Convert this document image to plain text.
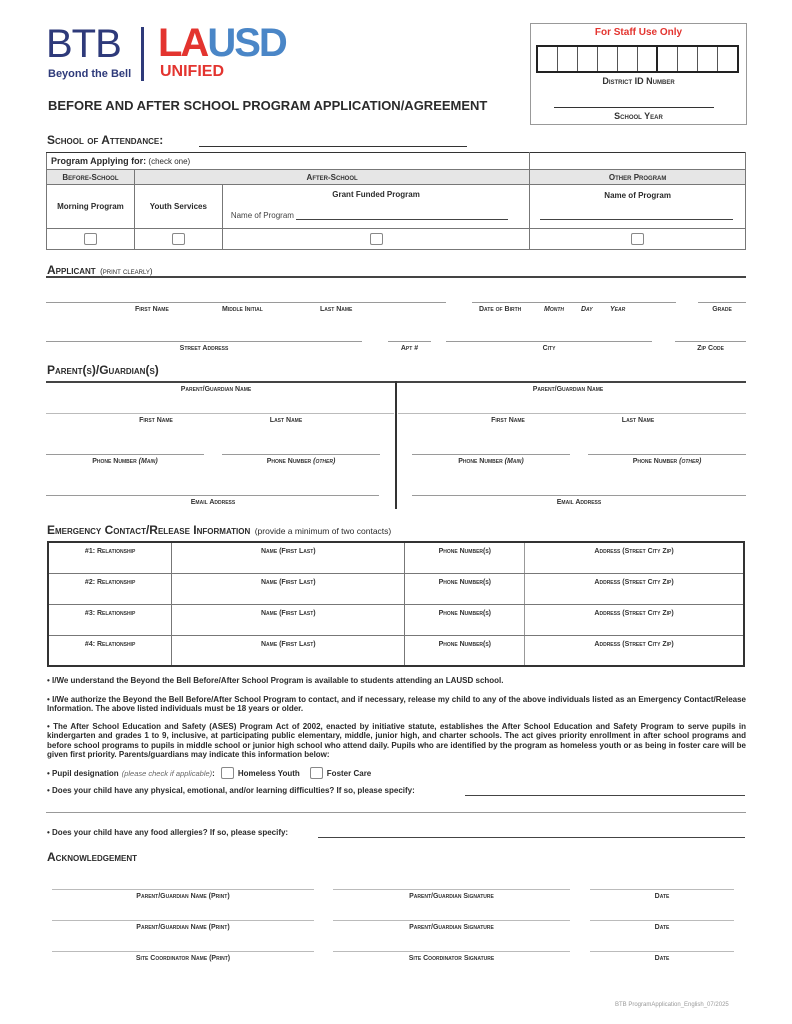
BTB
Beyond the Bell
LAUSD
UNIFIED
For Staff Use Only
District ID Number
School Year
BEFORE AND AFTER SCHOOL PROGRAM APPLICATION/AGREEMENT
School of Attendance:
Program Applying for: (check one)			
Before-School	After-School		Other Program
Morning Program	Youth Services	Grant Funded Program
Name of Program	Name of Program

Applicant (print clearly)
First Name	Middle Initial	Last Name	Date of Birth	Month Day Year	Grade
Street Address	Apt #	City	Zip Code
Parent(s)/Guardian(s)
Parent/Guardian Name
First Name	Last Name
Phone Number (Main)	Phone Number (other)
Email Address
Parent/Guardian Name
First Name	Last Name
Phone Number (Main)	Phone Number (other)
Email Address
Emergency Contact/Release Information (provide a minimum of two contacts)
#1: Relationship	Name (First Last)	Phone Number(s)	Address (Street City Zip)
#2: Relationship	Name (First Last)	Phone Number(s)	Address (Street City Zip)
#3: Relationship	Name (First Last)	Phone Number(s)	Address (Street City Zip)
#4: Relationship	Name (First Last)	Phone Number(s)	Address (Street City Zip)
• I/We understand the Beyond the Bell Before/After School Program is available to students attending an LAUSD school.
• I/We authorize the Beyond the Bell Before/After School Program to contact, and if necessary, release my child to any of the above individuals listed as an Emergency Contact/Release Information. The above listed individuals must be 18 years or older.
• The After School Education and Safety (ASES) Program Act of 2002, enacted by initiative statute, establishes the After School Education and Safety Program to serve pupils in kindergarten and grades 1 to 9, inclusive, at participating public elementary, middle, junior high, and charter schools. The act gives priority enrollment in after school programs and before school programs to pupils in middle school or junior high school who attend daily. Pupils who are identified by the program as homeless youth or as being in foster care will be given first priority. Parents/guardians may indicate this information below:
• Pupil designation (please check if applicable) :	Homeless Youth	Foster Care
• Does your child have any physical, emotional, and/or learning difficulties? If so, please specify:
• Does your child have any food allergies? If so, please specify:
Acknowledgement
Parent/Guardian Name (Print)	Parent/Guardian Signature	Date
Parent/Guardian Name (Print)	Parent/Guardian Signature	Date
Site Coordinator Name (Print)	Site Coordinator Signature	Date
BTB ProgramApplication_English_07/2025
